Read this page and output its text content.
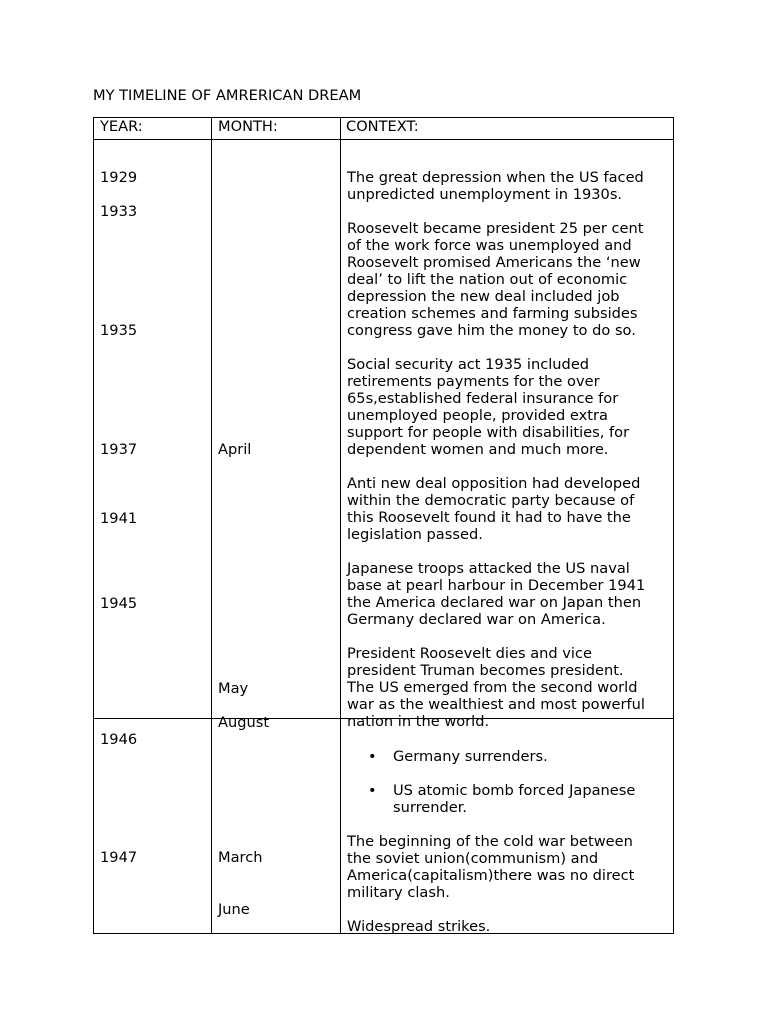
MY TIMELINE OF AMRERICAN DREAM
YEAR:	MONTH:	CONTEXT:
1929
1933
1935
1937
1941
1945
1946
1947
April
May
August
March
June
The great depression when the US faced
unpredicted unemployment in 1930s.
Roosevelt became president 25 per cent
of the work force was unemployed and
Roosevelt promised Americans the ‘new
deal’ to lift the nation out of economic
depression the new deal included job
creation schemes and farming subsides
congress gave him the money to do so.
Social security act 1935 included
retirements payments for the over
65s,established federal insurance for
unemployed people, provided extra
support for people with disabilities, for
dependent women and much more.
Anti new deal opposition had developed
within the democratic party because of
this Roosevelt found it had to have the
legislation passed.
Japanese troops attacked the US naval
base at pearl harbour in December 1941
the America declared war on Japan then
Germany declared war on America.
President Roosevelt dies and vice
president Truman becomes president.
The US emerged from the second world
war as the wealthiest and most powerful
nation in the world.
• Germany surrenders.
• US atomic bomb forced Japanese
surrender.
The beginning of the cold war between
the soviet union(communism) and
America(capitalism)there was no direct
military clash.
Widespread strikes.
